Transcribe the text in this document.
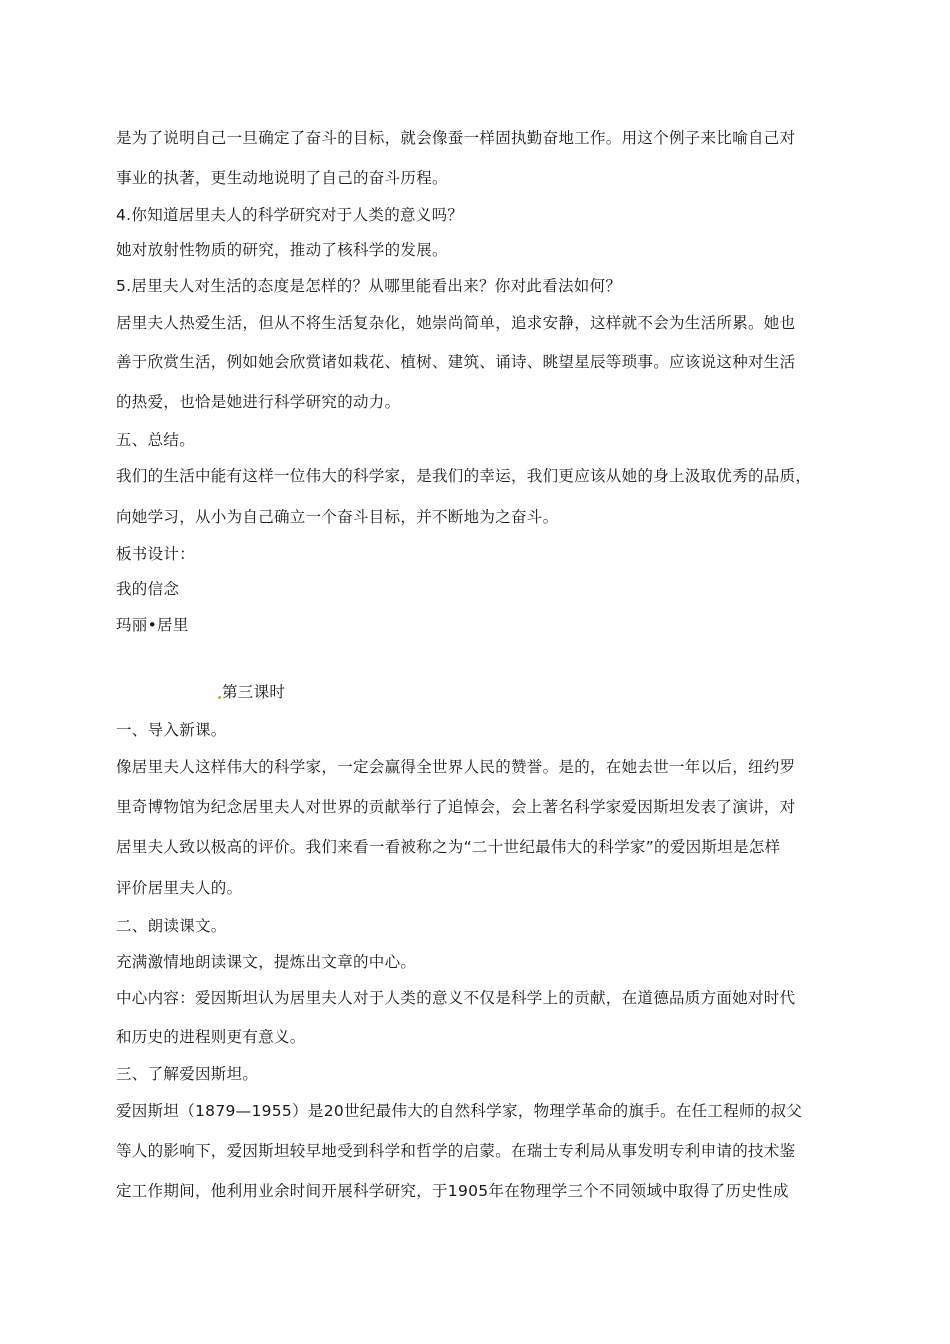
是为了说明自己一旦确定了奋斗的目标，就会像蚕一样固执勤奋地工作。用这个例子来比喻自己对
事业的执著，更生动地说明了自己的奋斗历程。
4.你知道居里夫人的科学研究对于人类的意义吗？
她对放射性物质的研究，推动了核科学的发展。
5.居里夫人对生活的态度是怎样的？从哪里能看出来？你对此看法如何？
居里夫人热爱生活，但从不将生活复杂化，她崇尚简单，追求安静，这样就不会为生活所累。她也
善于欣赏生活，例如她会欣赏诸如栽花、植树、建筑、诵诗、眺望星辰等琐事。应该说这种对生活
的热爱，也恰是她进行科学研究的动力。
五、总结。
我们的生活中能有这样一位伟大的科学家，是我们的幸运，我们更应该从她的身上汲取优秀的品质，
向她学习，从小为自己确立一个奋斗目标，并不断地为之奋斗。
板书设计：
我的信念
玛丽•居里
第三课时
一、导入新课。
像居里夫人这样伟大的科学家，一定会赢得全世界人民的赞誉。是的，在她去世一年以后，纽约罗
里奇博物馆为纪念居里夫人对世界的贡献举行了追悼会，会上著名科学家爱因斯坦发表了演讲，对
居里夫人致以极高的评价。我们来看一看被称之为“二十世纪最伟大的科学家”的爱因斯坦是怎样
评价居里夫人的。
二、朗读课文。
充满激情地朗读课文，提炼出文章的中心。
中心内容：爱因斯坦认为居里夫人对于人类的意义不仅是科学上的贡献，在道德品质方面她对时代
和历史的进程则更有意义。
三、了解爱因斯坦。
爱因斯坦（1879—1955）是20世纪最伟大的自然科学家，物理学革命的旗手。在任工程师的叔父
等人的影响下，爱因斯坦较早地受到科学和哲学的启蒙。在瑞士专利局从事发明专利申请的技术鉴
定工作期间，他利用业余时间开展科学研究，于1905年在物理学三个不同领域中取得了历史性成
